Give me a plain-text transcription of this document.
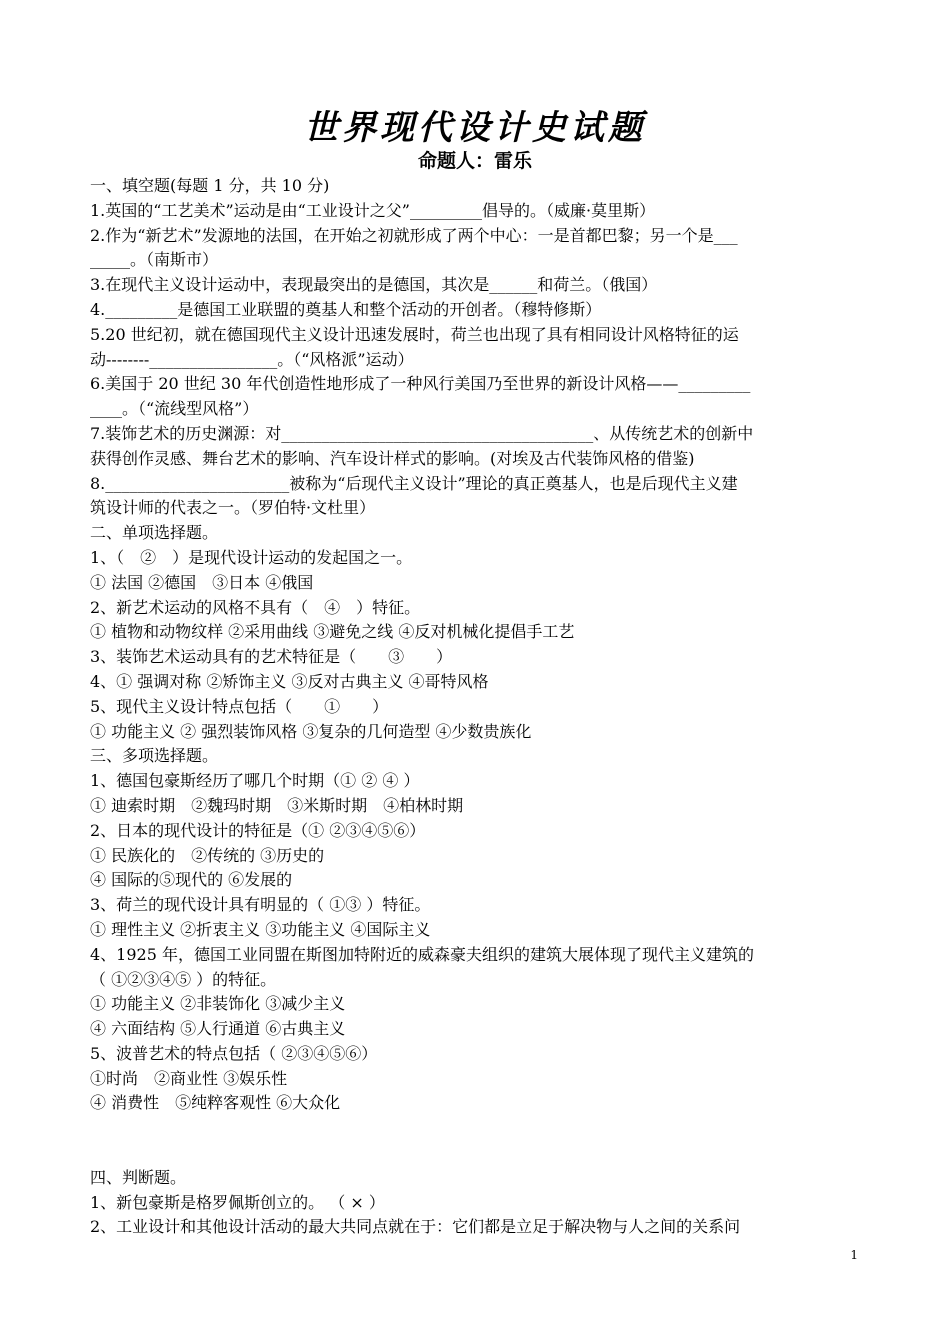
世界现代设计史试题
命题人：雷乐
一、填空题(每题 1 分，共 10 分)
1.英国的“工艺美术”运动是由“工业设计之父”_________倡导的。（威廉·莫里斯）
2.作为“新艺术”发源地的法国，在开始之初就形成了两个中心：一是首都巴黎；另一个是___
_____。（南斯市）
3.在现代主义设计运动中，表现最突出的是德国，其次是______和荷兰。（俄国）
4._________是德国工业联盟的奠基人和整个活动的开创者。（穆特修斯）
5.20 世纪初，就在德国现代主义设计迅速发展时，荷兰也出现了具有相同设计风格特征的运
动--------________________。（“风格派”运动）
6.美国于 20 世纪 30 年代创造性地形成了一种风行美国乃至世界的新设计风格——_________
____。（“流线型风格”）
7.装饰艺术的历史渊源：对_______________________________________、从传统艺术的创新中
获得创作灵感、舞台艺术的影响、汽车设计样式的影响。(对埃及古代装饰风格的借鉴)
8._______________________被称为“后现代主义设计”理论的真正奠基人，也是后现代主义建
筑设计师的代表之一。（罗伯特·文杜里）
二、单项选择题。
1、（　②　）是现代设计运动的发起国之一。
① 法国 ②德国　③日本 ④俄国
2、新艺术运动的风格不具有（　④　）特征。
① 植物和动物纹样 ②采用曲线 ③避免之线 ④反对机械化提倡手工艺
3、装饰艺术运动具有的艺术特征是（　　③　　）
4、① 强调对称 ②矫饰主义 ③反对古典主义 ④哥特风格
5、现代主义设计特点包括（　　①　　）
① 功能主义 ② 强烈装饰风格 ③复杂的几何造型 ④少数贵族化
三、多项选择题。
1、德国包豪斯经历了哪几个时期（① ② ④ ）
① 迪索时期　②魏玛时期　③米斯时期　④柏林时期
2、日本的现代设计的特征是（① ②③④⑤⑥）
① 民族化的　②传统的 ③历史的
④ 国际的⑤现代的 ⑥发展的
3、荷兰的现代设计具有明显的（ ①③ ）特征。
① 理性主义 ②折衷主义 ③功能主义 ④国际主义
4、1925 年，德国工业同盟在斯图加特附近的威森豪夫组织的建筑大展体现了现代主义建筑的
（ ①②③④⑤ ）的特征。
① 功能主义 ②非装饰化 ③减少主义
④ 六面结构 ⑤人行通道 ⑥古典主义
5、波普艺术的特点包括（ ②③④⑤⑥）
①时尚　②商业性 ③娱乐性
④ 消费性　⑤纯粹客观性 ⑥大众化
四、判断题。
1、新包豪斯是格罗佩斯创立的。 （ × ）
2、工业设计和其他设计活动的最大共同点就在于：它们都是立足于解决物与人之间的关系问
1
